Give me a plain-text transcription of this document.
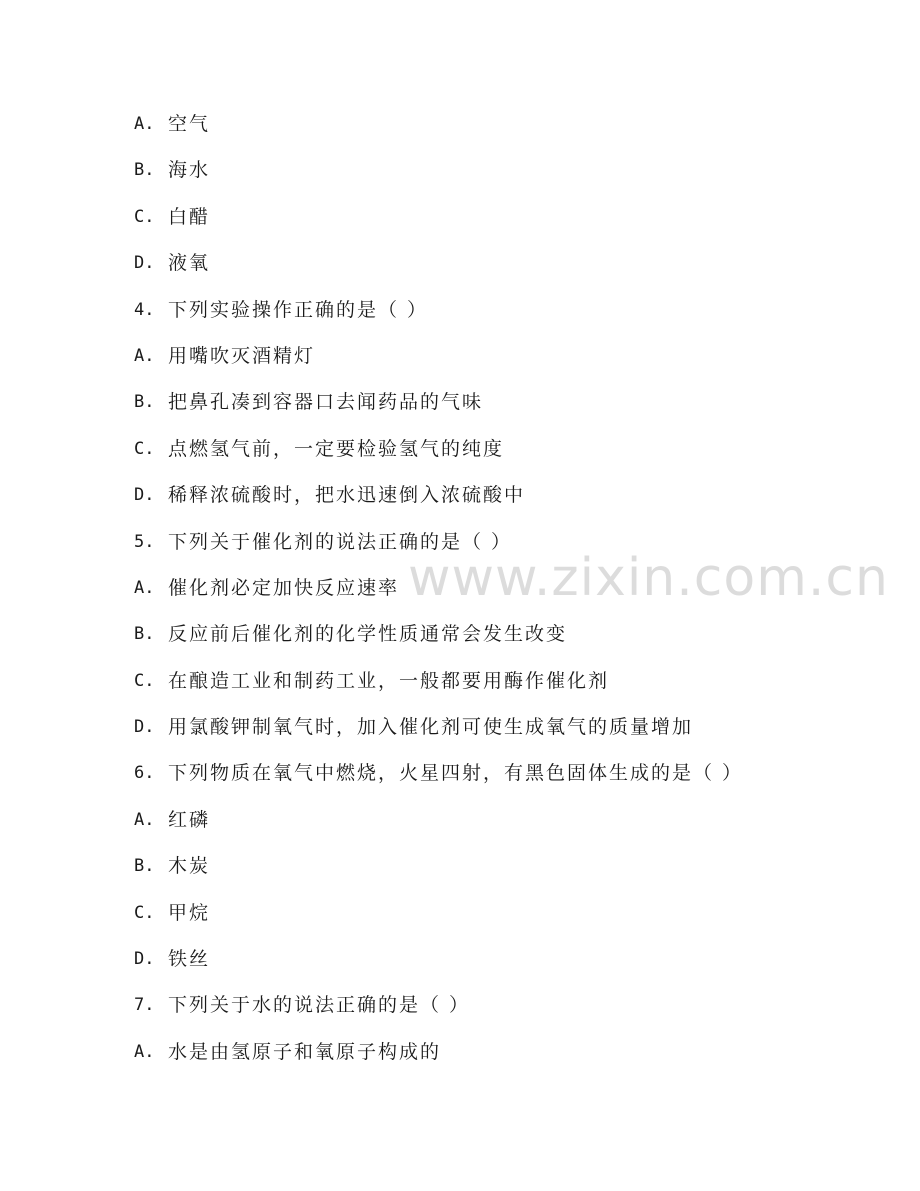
A. 空气
B. 海水
C. 白醋
D. 液氧
4. 下列实验操作正确的是（ ）
A. 用嘴吹灭酒精灯
B. 把鼻孔凑到容器口去闻药品的气味
C. 点燃氢气前，一定要检验氢气的纯度
D. 稀释浓硫酸时，把水迅速倒入浓硫酸中
5. 下列关于催化剂的说法正确的是（ ）
A. 催化剂必定加快反应速率
B. 反应前后催化剂的化学性质通常会发生改变
C. 在酿造工业和制药工业，一般都要用酶作催化剂
D. 用氯酸钾制氧气时，加入催化剂可使生成氧气的质量增加
6. 下列物质在氧气中燃烧，火星四射，有黑色固体生成的是（ ）
A. 红磷
B. 木炭
C. 甲烷
D. 铁丝
7. 下列关于水的说法正确的是（ ）
A. 水是由氢原子和氧原子构成的
www.zixin.com.cn
